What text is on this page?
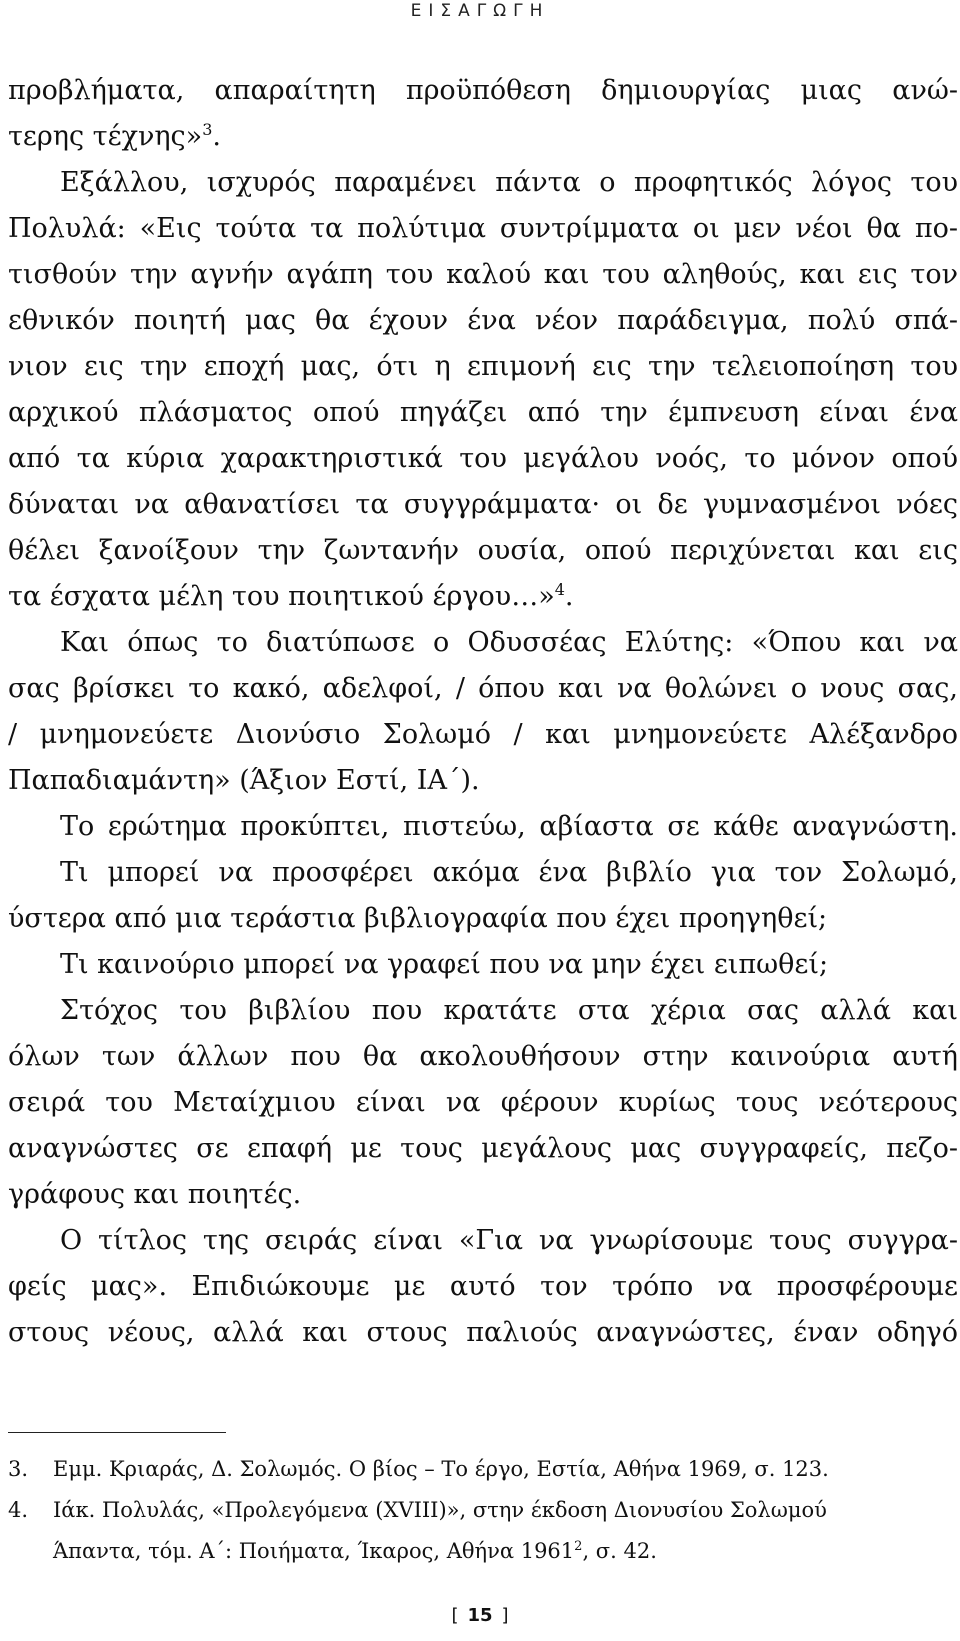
ΕΙΣΑΓΩΓΗ
προβλήματα, απαραίτητη προϋπόθεση δημιουργίας μιας ανώ-
τερης τέχνης»$^3$.
Εξάλλου, ισχυρός παραμένει πάντα ο προφητικός λόγος του
Πολυλά: «Εις τούτα τα πολύτιμα συντρίμματα οι μεν νέοι θα πο-
τισθούν την αγνήν αγάπη του καλού και του αληθούς, και εις τον
εθνικόν ποιητή μας θα έχουν ένα νέον παράδειγμα, πολύ σπά-
νιον εις την εποχή μας, ότι η επιμονή εις την τελειοποίηση του
αρχικού πλάσματος οπού πηγάζει από την έμπνευση είναι ένα
από τα κύρια χαρακτηριστικά του μεγάλου νοός, το μόνον οπού
δύναται να αθανατίσει τα συγγράμματα· οι δε γυμνασμένοι νόες
θέλει ξανοίξουν την ζωντανήν ουσία, οπού περιχύνεται και εις
τα έσχατα μέλη του ποιητικού έργου…»$^4$.
Και όπως το διατύπωσε ο Οδυσσέας Ελύτης: «Όπου και να
σας βρίσκει το κακό, αδελφοί, / όπου και να θολώνει ο νους σας,
/ μνημονεύετε Διονύσιο Σολωμό / και μνημονεύετε Αλέξανδρο
Παπαδιαμάντη» (Άξιον Εστί, ΙΑ΄).
Το ερώτημα προκύπτει, πιστεύω, αβίαστα σε κάθε αναγνώστη.
Τι μπορεί να προσφέρει ακόμα ένα βιβλίο για τον Σολωμό,
ύστερα από μια τεράστια βιβλιογραφία που έχει προηγηθεί;
Τι καινούριο μπορεί να γραφεί που να μην έχει ειπωθεί;
Στόχος του βιβλίου που κρατάτε στα χέρια σας αλλά και
όλων των άλλων που θα ακολουθήσουν στην καινούρια αυτή
σειρά του Μεταίχμιου είναι να φέρουν κυρίως τους νεότερους
αναγνώστες σε επαφή με τους μεγάλους μας συγγραφείς, πεζο-
γράφους και ποιητές.
Ο τίτλος της σειράς είναι «Για να γνωρίσουμε τους συγγρα-
φείς μας». Επιδιώκουμε με αυτό τον τρόπο να προσφέρουμε
στους νέους, αλλά και στους παλιούς αναγνώστες, έναν οδηγό
3. Εμμ. Κριαράς, Δ. Σολωμός. Ο βίος – Το έργο, Εστία, Αθήνα 1969, σ. 123.
4. Ιάκ. Πολυλάς, «Προλεγόμενα (XVIII)», στην έκδοση Διονυσίου Σολωμού
Άπαντα, τόμ. Α΄: Ποιήματα, Ίκαρος, Αθήνα 1961$^2$, σ. 42.
[ 15 ]
